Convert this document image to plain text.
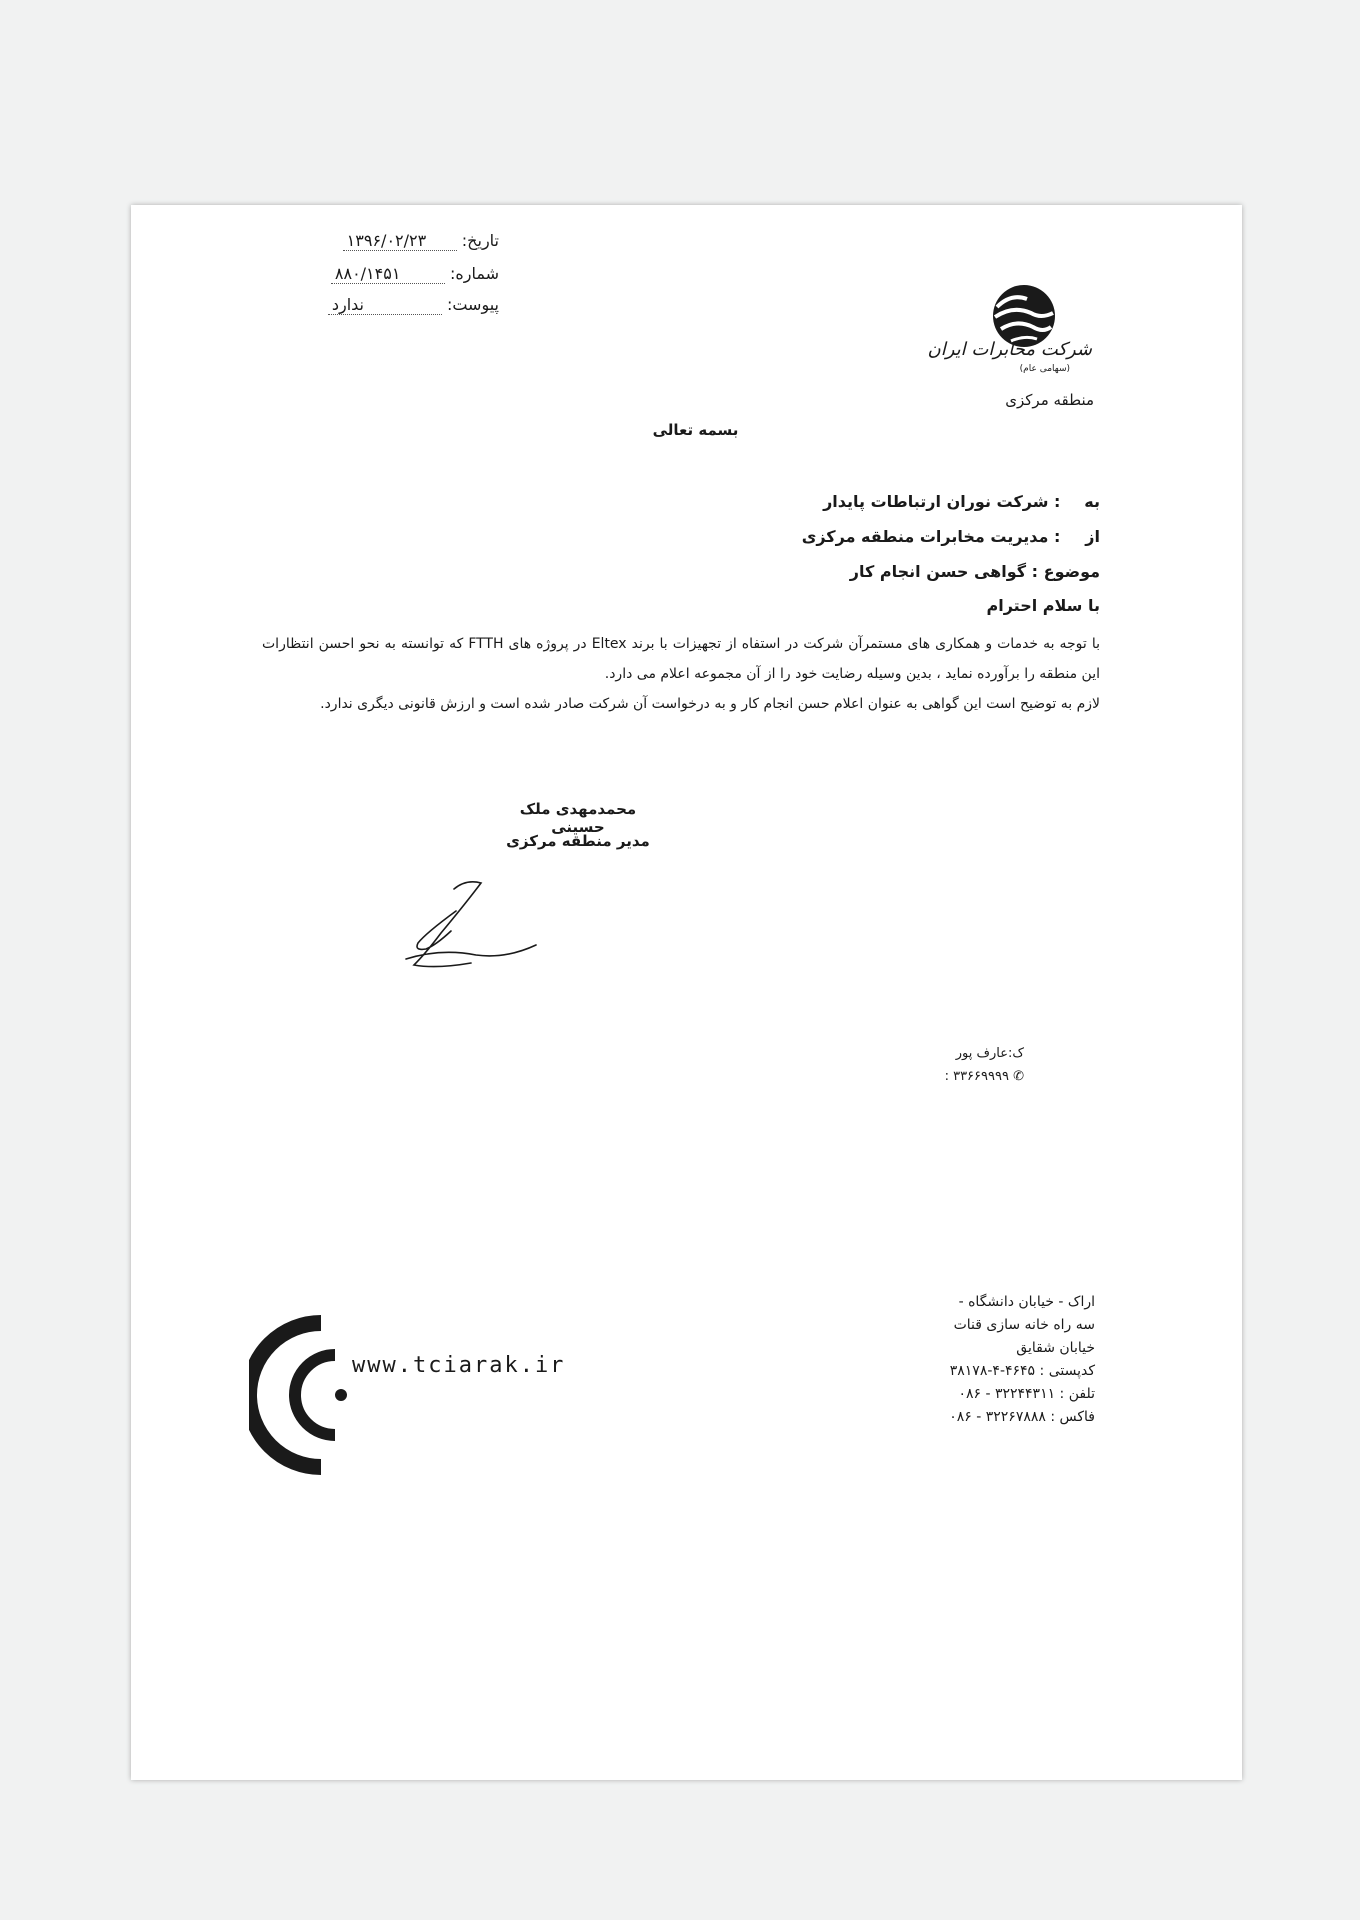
تاریخ: ۱۳۹۶/۰۲/۲۳
شماره: ۸۸۰/۱۴۵۱
پیوست: ندارد
شرکت مخابرات ایران
(سهامی عام)
منطقه مرکزی
بسمه تعالی
به : شرکت نوران ارتباطات پایدار
از : مدیریت مخابرات منطقه مرکزی
موضوع : گواهی حسن انجام کار
با سلام احترام

با توجه به خدمات و همکاری های مستمرآن شرکت در استفاه از تجهیزات با برند Eltex در پروژه های FTTH که توانسته به نحو احسن انتظارات این منطقه را برآورده نماید ، بدین وسیله رضایت خود را از آن مجموعه اعلام می دارد.

لازم به توضیح است این گواهی به عنوان اعلام حسن انجام کار و به درخواست آن شرکت صادر شده است و ارزش قانونی دیگری ندارد.

محمدمهدی ملک حسینی
مدیر منطقه مرکزی
ک:عارف پور
✆ ۳۳۶۶۹۹۹۹ :
www.tciarak.ir
اراک - خیابان دانشگاه -
سه راه خانه سازی قنات
خیابان شقایق
کدپستی : ۴۶۴۵-۴-۳۸۱۷۸
تلفن : ۳۲۲۴۴۳۱۱ - ۰۸۶
فاکس : ۳۲۲۶۷۸۸۸ - ۰۸۶
